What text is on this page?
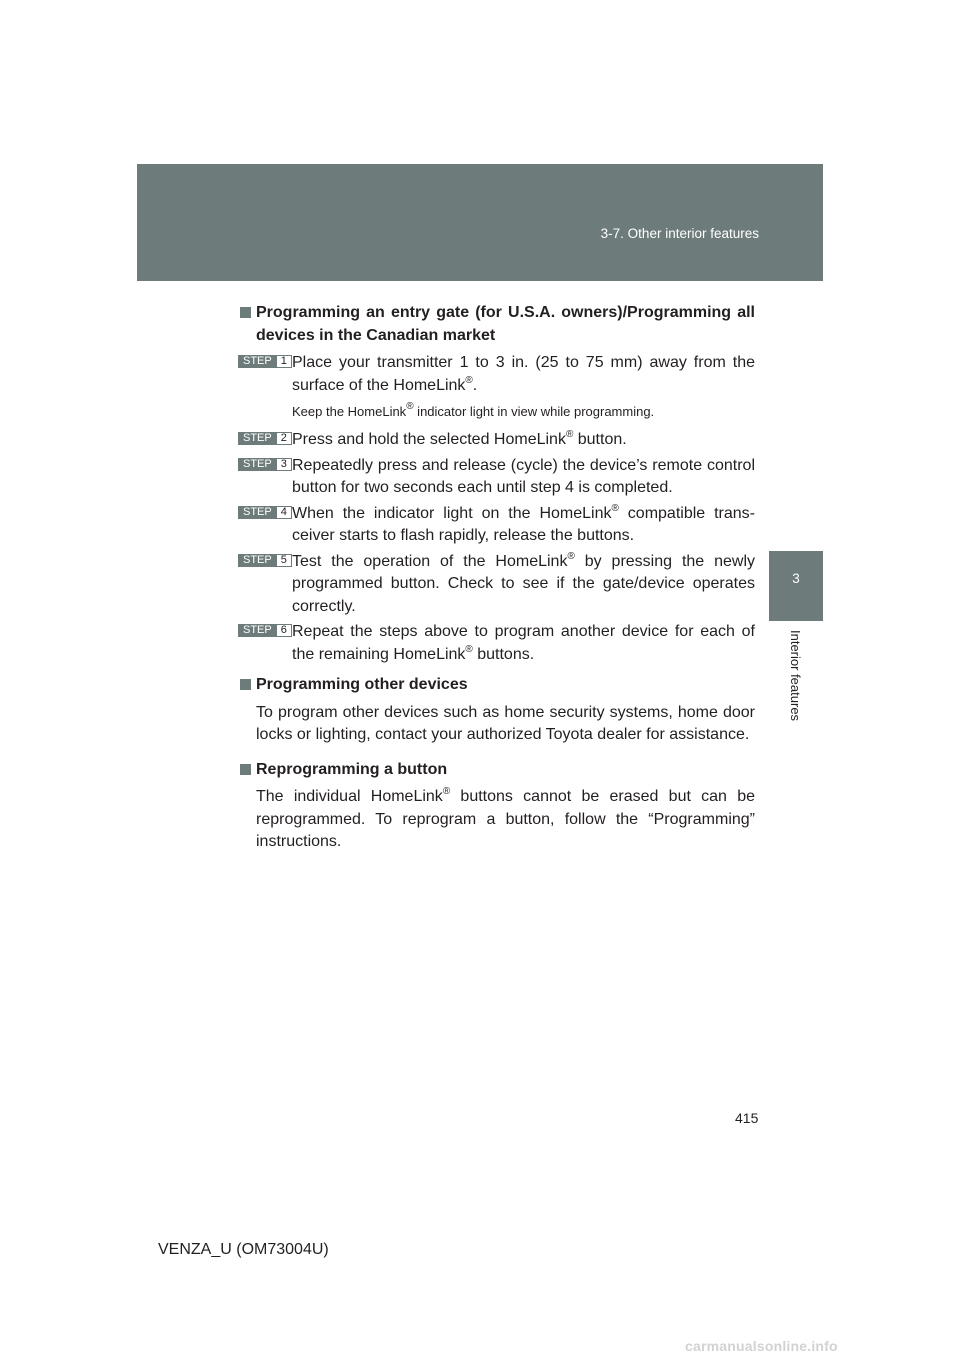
3-7. Other interior features
3
Interior features
Programming an entry gate (for U.S.A. owners)/Programming all devices in the Canadian market
STEP 1 Place your transmitter 1 to 3 in. (25 to 75 mm) away from the surface of the HomeLink®.
Keep the HomeLink® indicator light in view while programming.
STEP 2 Press and hold the selected HomeLink® button.
STEP 3 Repeatedly press and release (cycle) the device’s remote control button for two seconds each until step 4 is completed.
STEP 4 When the indicator light on the HomeLink® compatible trans-ceiver starts to flash rapidly, release the buttons.
STEP 5 Test the operation of the HomeLink® by pressing the newly programmed button. Check to see if the gate/device operates correctly.
STEP 6 Repeat the steps above to program another device for each of the remaining HomeLink® buttons.
Programming other devices
To program other devices such as home security systems, home door locks or lighting, contact your authorized Toyota dealer for assistance.
Reprogramming a button
The individual HomeLink® buttons cannot be erased but can be reprogrammed. To reprogram a button, follow the “Programming” instructions.
415
VENZA_U (OM73004U)
carmanualsonline.info
